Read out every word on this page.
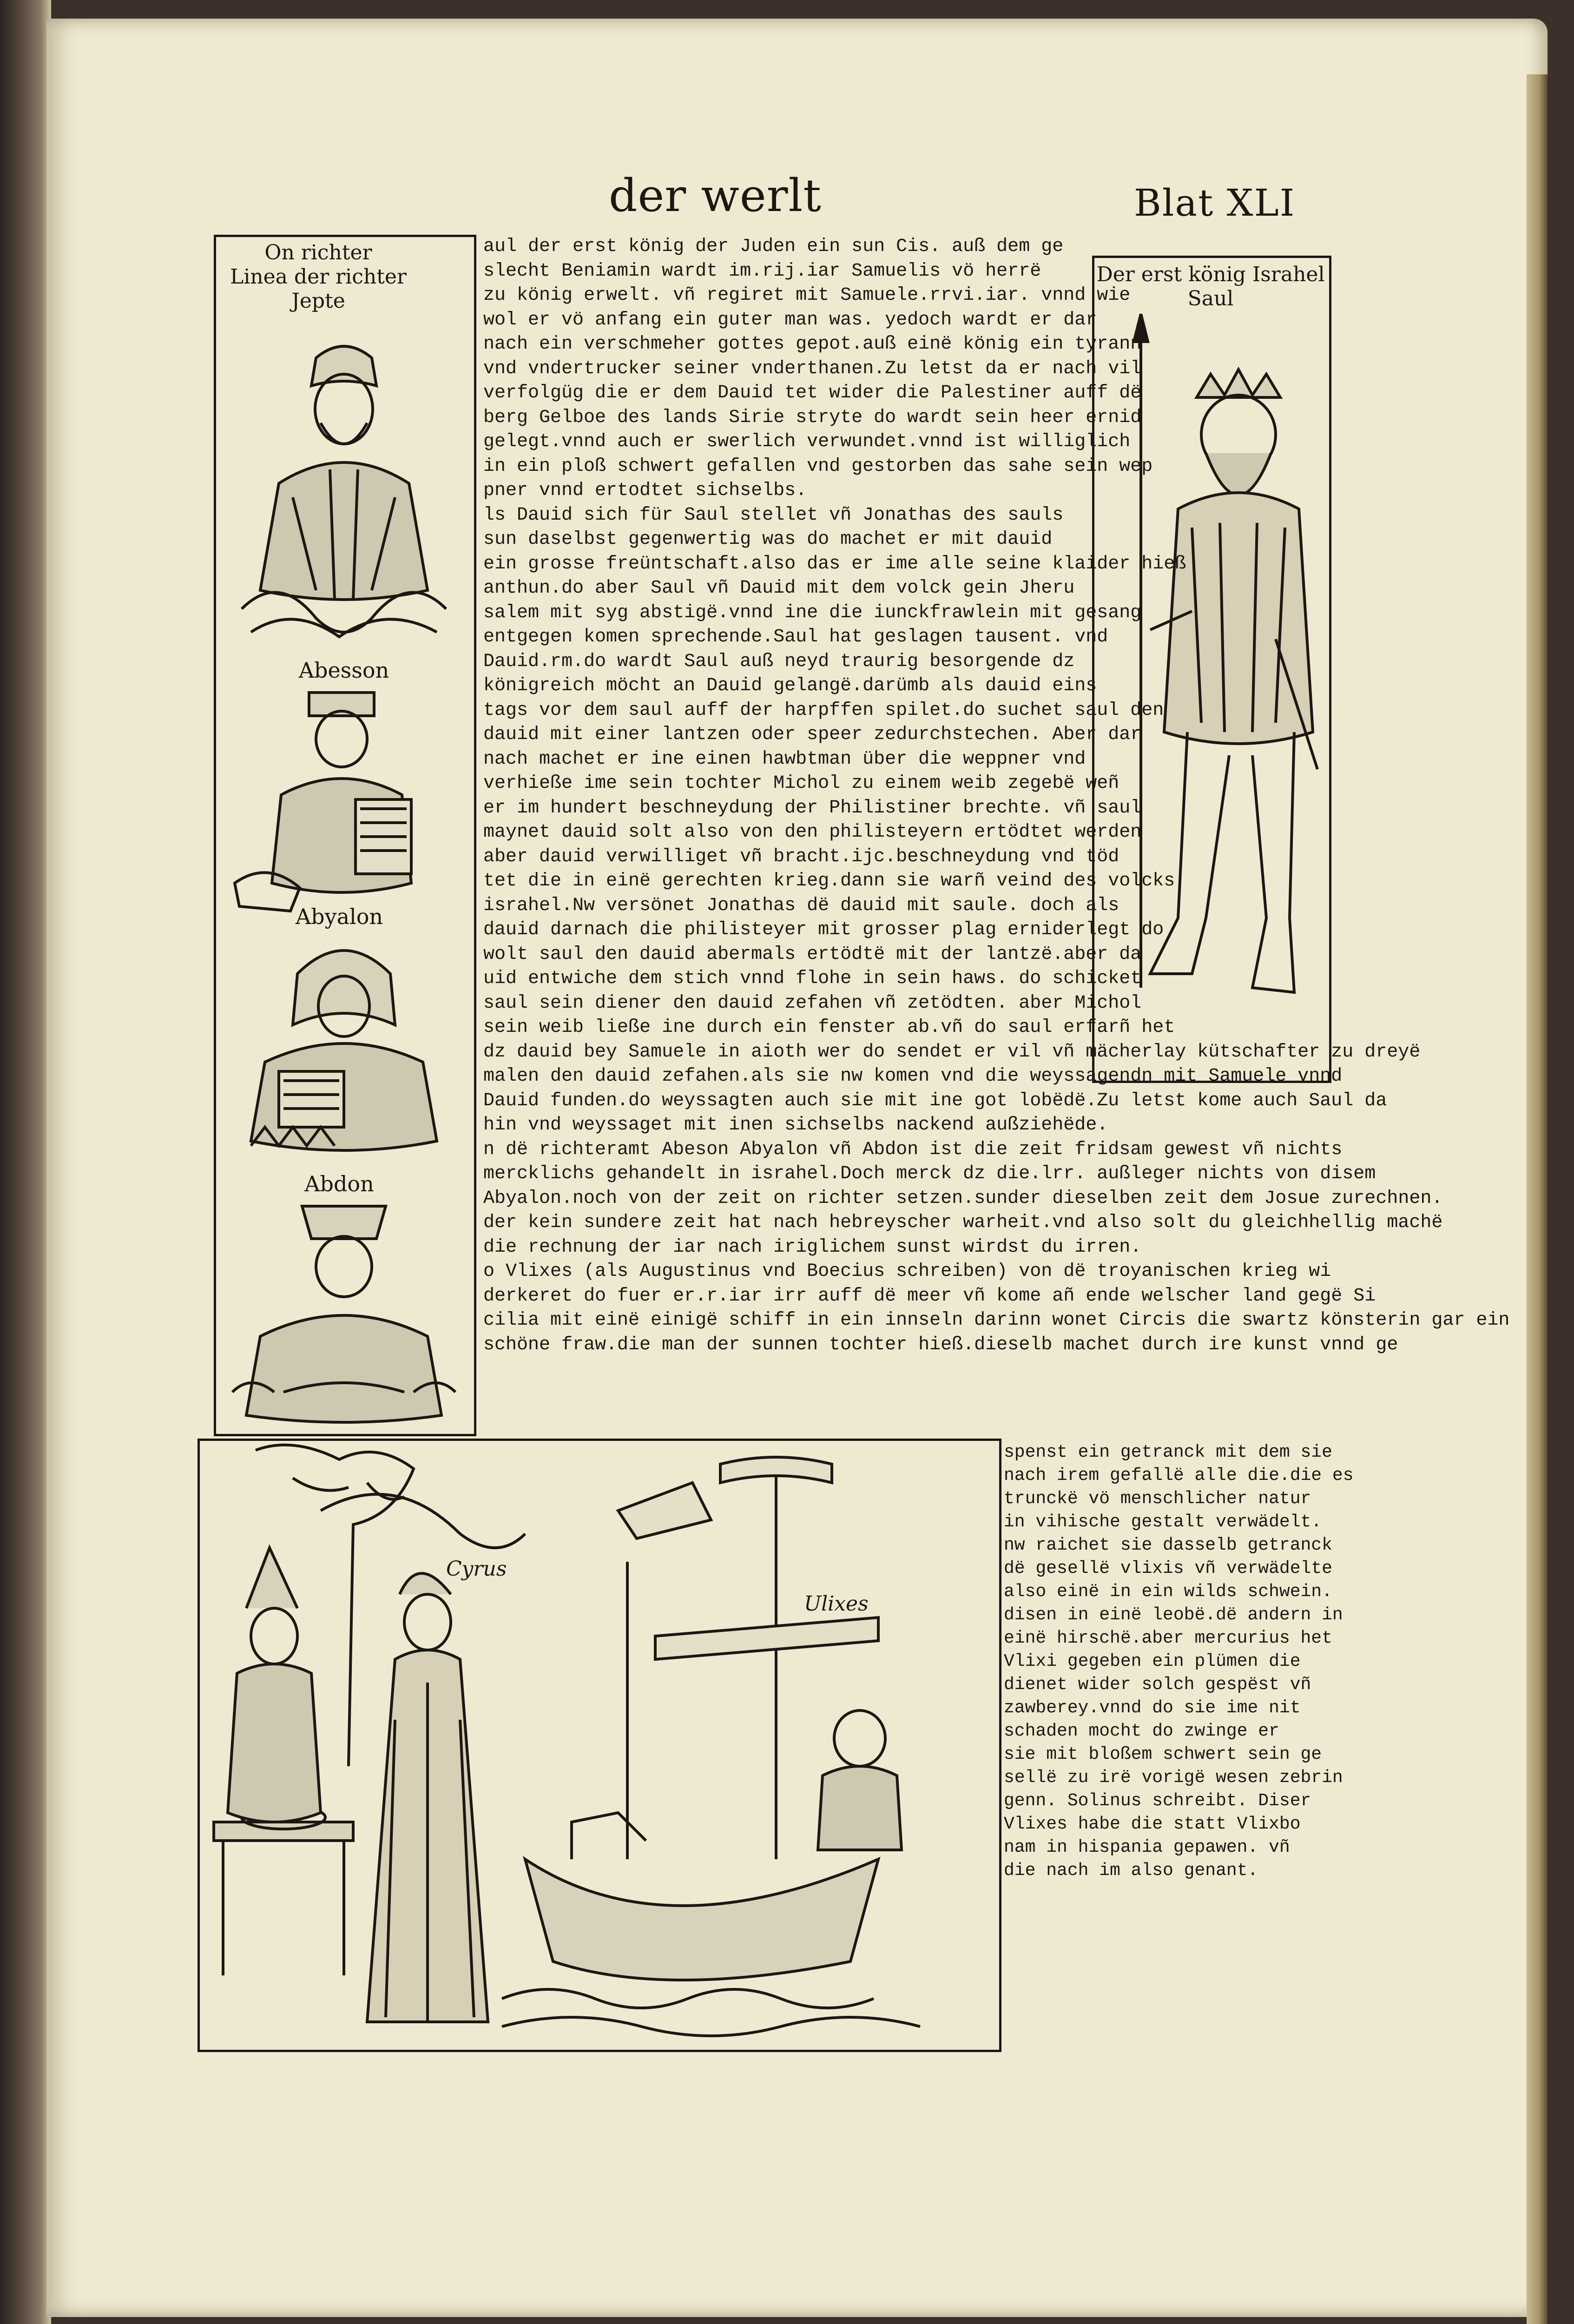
der werlt	Blat XLI
On richter
Linea der richter
Jepte
Abesson
Abyalon
Abdon
Der erst könig Israhel
Saul
aul der erst könig der Juden ein sun Cis. auß dem ge
slecht Beniamin wardt im.rij.iar Samuelis vö herrë
zu könig erwelt. vñ regiret mit Samuele.rrvi.iar. vnnd wie
wol er vö anfang ein guter man was. yedoch wardt er dar
nach ein verschmeher gottes gepot.auß einë könig ein tyrann
vnd vndertrucker seiner vnderthanen.Zu letst da er nach vil
verfolgüg die er dem Dauid tet wider die Palestiner auff dë
berg Gelboe des lands Sirie stryte do wardt sein heer ernid
gelegt.vnnd auch er swerlich verwundet.vnnd ist williglich
in ein ploß schwert gefallen vnd gestorben das sahe sein wep
pner vnnd ertodtet sichselbs.
ls Dauid sich für Saul stellet vñ Jonathas des sauls
sun daselbst gegenwertig was do machet er mit dauid
ein grosse freüntschaft.also das er ime alle seine klaider hieß
anthun.do aber Saul vñ Dauid mit dem volck gein Jheru
salem mit syg abstigë.vnnd ine die iunckfrawlein mit gesang
entgegen komen sprechende.Saul hat geslagen tausent. vnd
Dauid.rm.do wardt Saul auß neyd traurig besorgende dz
königreich möcht an Dauid gelangë.darümb als dauid eins
tags vor dem saul auff der harpffen spilet.do suchet saul den
dauid mit einer lantzen oder speer zedurchstechen. Aber dar
nach machet er ine einen hawbtman über die weppner vnd
verhieße ime sein tochter Michol zu einem weib zegebë weñ
er im hundert beschneydung der Philistiner brechte. vñ saul
maynet dauid solt also von den philisteyern ertödtet werden
aber dauid verwilliget vñ bracht.ijc.beschneydung vnd töd
tet die in einë gerechten krieg.dann sie warñ veind des volcks
israhel.Nw versönet Jonathas dë dauid mit saule. doch als
dauid darnach die philisteyer mit grosser plag erniderlegt do
wolt saul den dauid abermals ertödtë mit der lantzë.aber da
uid entwiche dem stich vnnd flohe in sein haws. do schicket
saul sein diener den dauid zefahen vñ zetödten. aber Michol
sein weib ließe ine durch ein fenster ab.vñ do saul erfarñ het
dz dauid bey Samuele in aioth wer do sendet er vil vñ mächerlay kütschafter zu dreyë
malen den dauid zefahen.als sie nw komen vnd die weyssagendn mit Samuele vnnd
Dauid funden.do weyssagten auch sie mit ine got lobëdë.Zu letst kome auch Saul da
hin vnd weyssaget mit inen sichselbs nackend außziehëde.
n dë richteramt Abeson Abyalon vñ Abdon ist die zeit fridsam gewest vñ nichts
mercklichs gehandelt in israhel.Doch merck dz die.lrr. außleger nichts von disem
Abyalon.noch von der zeit on richter setzen.sunder dieselben zeit dem Josue zurechnen.
der kein sundere zeit hat nach hebreyscher warheit.vnd also solt du gleichhellig machë
die rechnung der iar nach iriglichem sunst wirdst du irren.
o Vlixes (als Augustinus vnd Boecius schreiben) von dë troyanischen krieg wi
derkeret do fuer er.r.iar irr auff dë meer vñ kome añ ende welscher land gegë Si
cilia mit einë einigë schiff in ein innseln darinn wonet Circis die swartz könsterin gar ein
schöne fraw.die man der sunnen tochter hieß.dieselb machet durch ire kunst vnnd ge
Cyrus
Ulixes
spenst ein getranck mit dem sie
nach irem gefallë alle die.die es
trunckë vö menschlicher natur
in vihische gestalt verwädelt.
nw raichet sie dasselb getranck
dë gesellë vlixis vñ verwädelte
also einë in ein wilds schwein.
disen in einë leobë.dë andern in
einë hirschë.aber mercurius het
Vlixi gegeben ein plümen die
dienet wider solch gespëst vñ
zawberey.vnnd do sie ime nit
schaden mocht do zwinge er
sie mit bloßem schwert sein ge
sellë zu irë vorigë wesen zebrin
genn. Solinus schreibt. Diser
Vlixes habe die statt Vlixbo
nam in hispania gepawen. vñ
die nach im also genant.
